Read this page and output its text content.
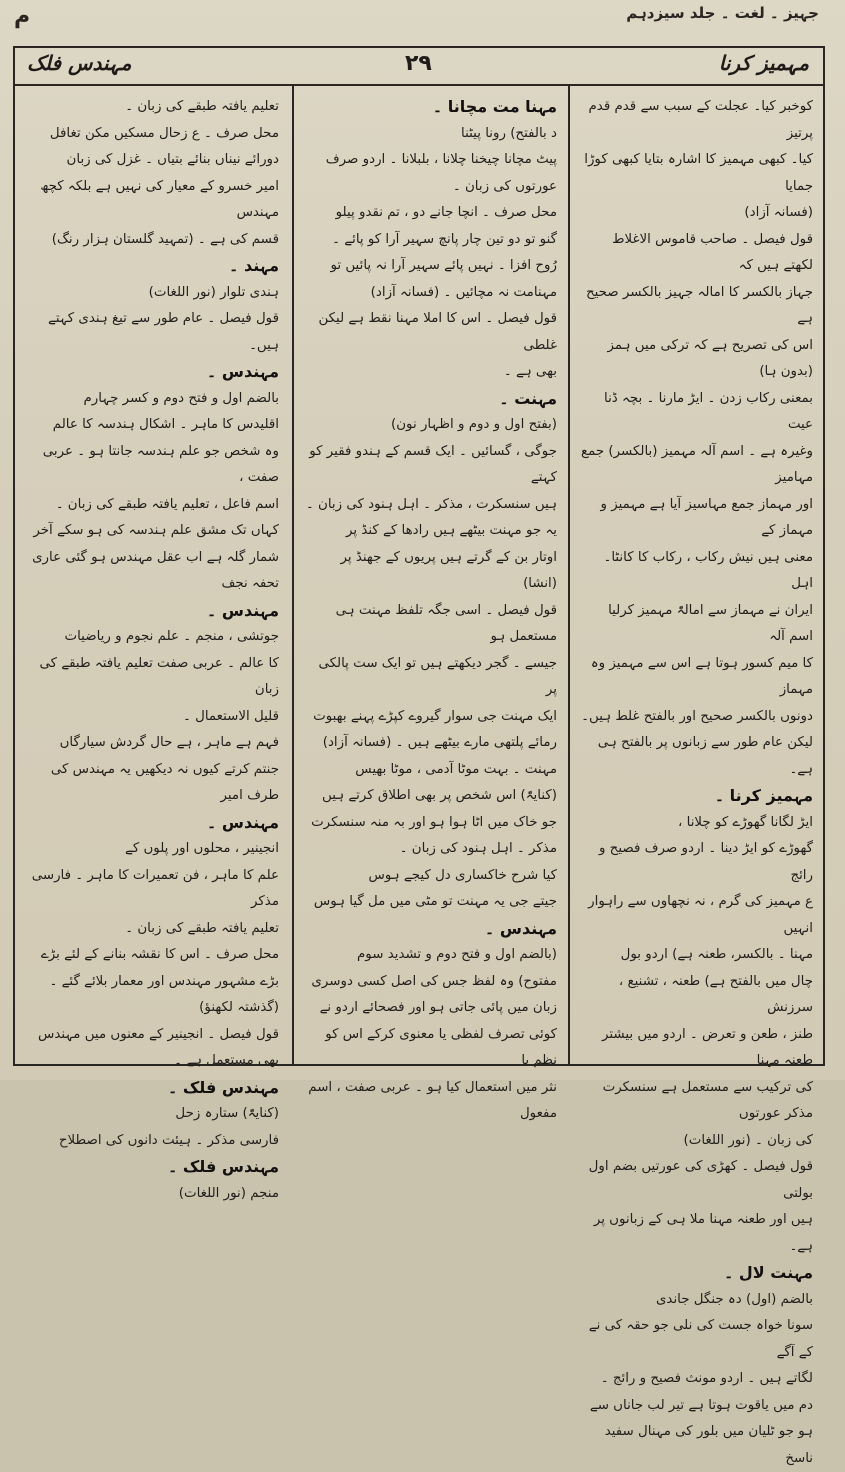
جہیز ۔ لغت ۔ جلد سیزدہم
م
مہمیز کرنا
۲۹
مہندس فلک
کوخبر کیا۔ عجلت کے سبب سے قدم قدم پرتیز
کیا۔ کبھی مہمیز کا اشارہ بتایا کبھی کوڑا جمایا
(فسانہ آزاد)
قول فیصل ۔ صاحب قاموس الاغلاط لکھتے ہیں کہ
جہاز بالکسر کا امالہ جہیز بالکسر صحیح ہے
اس کی تصریح ہے کہ ترکی میں ہمز (بدون ہا)
بمعنی رکاب زدن ۔ ایڑ مارنا ۔ بچہ ڈنا عیت
وغیرہ ہے ۔ اسم آلہ مہمیز (بالکسر) جمع مہامیز
اور مہماز جمع مہاسیز آیا ہے مہمیز و مہماز کے
معنی ہیں نیش رکاب ، رکاب کا کانٹا۔ اہل
ایران نے مہماز سے امالۃً مہمیز کرلیا اسم آلہ
کا میم کسور ہوتا ہے اس سے مہمیز وہ مہماز
دونوں بالکسر صحیح اور بالفتح غلط ہیں۔
لیکن عام طور سے زبانوں پر بالفتح ہی ہے۔
مہمیز کرنا ۔
ایڑ لگانا گھوڑے کو چلانا ،
گھوڑے کو ایڑ دینا ۔ اردو صرف فصیح و رائج
ع مہمیز کی گرم ، نہ نچھاوں سے راہوار انہیں
مہنا ۔ بالکسر، طعنہ ہے) اردو بول
چال میں بالفتح ہے) طعنہ ، تشنیع ، سرزنش
طنز ، طعن و تعرض ۔ اردو میں بیشتر طعنہ مہنا
کی ترکیب سے مستعمل ہے سنسکرت مذکر عورتوں
کی زبان ۔ (نور اللغات)
قول فیصل ۔ کھڑی کی عورتیں بضم اول بولتی
ہیں اور طعنہ مہنا ملا ہی کے زبانوں پر ہے۔
مہنت لال ۔
بالضم (اول) دہ جنگل جاندی
سونا خواہ جست کی نلی جو حقہ کی نے کے آگے
لگاتے ہیں ۔ اردو مونث فصیح و رائج ۔
دم میں یاقوت ہوتا ہے تیر لب جاناں سے
ہو جو ٹلیان میں بلور کی مہنال سفید ناسخ
مہنا مت مچانا ۔
د بالفتح) رونا پیٹنا
پیٹ مچانا چیخنا چلانا ، بلبلانا ۔ اردو صرف
عورتوں کی زبان ۔
محل صرف ۔ انچا جانے دو ، تم نقدو پیلو
گنو تو دو تین چار پانچ سہیر آرا کو پائے ۔
رُوح افزا ۔ نہیں پائے سہیر آرا نہ پائیں تو
مہنامت نہ مچائیں ۔ (فسانہ آزاد)
قول فیصل ۔ اس کا املا مہنا نقط ہے لیکن غلطی
بھی ہے ۔
مہنت ۔
(بفتح اول و دوم و اظہار نون)
جوگی ، گسائیں ۔ ایک قسم کے ہندو فقیر کو کہتے
ہیں سنسکرت ، مذکر ۔ اہل ہنود کی زبان ۔
یہ جو مہنت بیٹھے ہیں رادھا کے کنڈ پر
اوتار بن کے گرتے ہیں پریوں کے جھنڈ پر (انشا)
قول فیصل ۔ اسی جگہ تلفظ مہنت ہی مستعمل ہو
جیسے ۔ گجر دیکھتے ہیں تو ایک ست پالکی پر
ایک مہنت جی سوار گیروے کپڑے پہنے بھبوت
رمائے پلتھی مارے بیٹھے ہیں ۔ (فسانہ آزاد)
مہنت ۔ بہت موٹا آدمی ، موٹا بھیس
(کنایۃً) اس شخص پر بھی اطلاق کرتے ہیں
جو خاک میں اٹا ہوا ہو اور بہ منہ سنسکرت
مذکر ۔ اہل ہنود کی زبان ۔
کیا شرح خاکساری دل کیجے ہوس
جیتے جی یہ مہنت تو مٹی میں مل گیا ہوس
مہندس ۔
(بالضم اول و فتح دوم و تشدید سوم
مفتوح) وہ لفظ جس کی اصل کسی دوسری
زبان میں پائی جاتی ہو اور فصحائے اردو نے
کوئی تصرف لفظی یا معنوی کرکے اس کو نظم یا
نثر میں استعمال کیا ہو ۔ عربی صفت ، اسم مفعول
تعلیم یافتہ طبقے کی زبان ۔
محل صرف ۔ ع زحال مسکیں مکن تغافل
دورائے نیناں بنائے بتیاں ۔ غزل کی زبان
امیر خسرو کے معیار کی نہیں ہے بلکہ کچھ مہندس
قسم کی ہے ۔ (تمہید گلستان ہزار رنگ)
مہند ۔
ہندی تلوار (نور اللغات)
قول فیصل ۔ عام طور سے تیغ ہندی کہتے ہیں۔
مہندس ۔
بالضم اول و فتح دوم و کسر چہارم
اقلیدس کا ماہر ۔ اشکال ہندسہ کا عالم
وہ شخص جو علم ہندسہ جانتا ہو ۔ عربی صفت ،
اسم فاعل ، تعلیم یافتہ طبقے کی زبان ۔
کہاں تک مشق علم ہندسہ کی ہو سکے آخر
شمار گلہ ہے اب عقل مہندس ہو گئی عاری تحفہ نجف
مہندس ۔
جوتشی ، منجم ۔ علم نجوم و ریاضیات
کا عالم ۔ عربی صفت تعلیم یافتہ طبقے کی زبان
قلیل الاستعمال ۔
فہم ہے ماہر ، ہے حال گردش سیارگاں
جنتم کرتے کیوں نہ دیکھیں یہ مہندس کی طرف امیر
مہندس ۔
انجینیر ، محلوں اور پلوں کے
علم کا ماہر ، فن تعمیرات کا ماہر ۔ فارسی مذکر
تعلیم یافتہ طبقے کی زبان ۔
محل صرف ۔ اس کا نقشہ بنانے کے لئے بڑے
بڑے مشہور مہندس اور معمار بلائے گئے ۔
(گذشتہ لکھنؤ)
قول فیصل ۔ انجینیر کے معنوں میں مہندس
بھی مستعمل ہے ۔
مہندس فلک ۔
(کنایۃً) ستارہ زحل
فارسی مذکر ۔ ہیئت دانوں کی اصطلاح
مہندس فلک ۔
منجم (نور اللغات)
